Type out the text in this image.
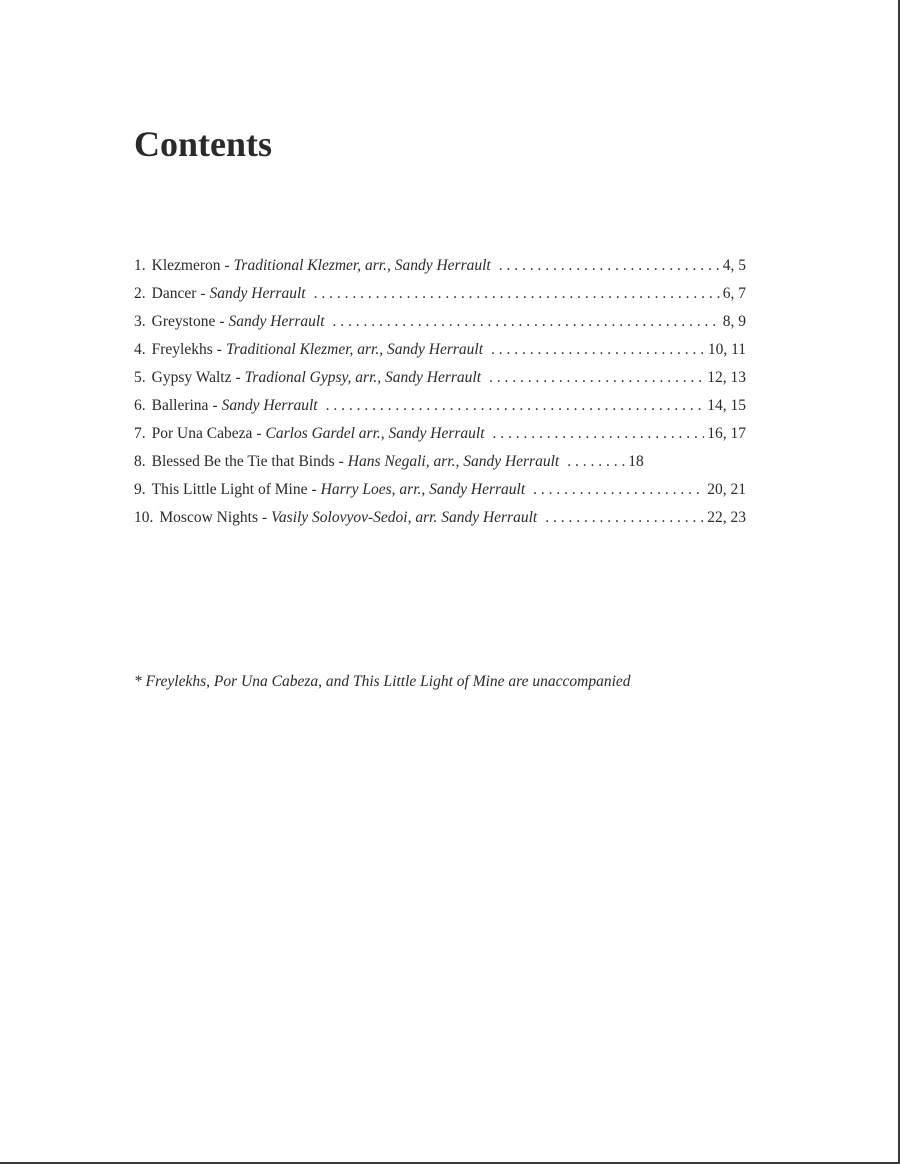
Contents
1. Klezmeron - Traditional Klezmer, arr., Sandy Herrault . . .	4, 5
2. Dancer - Sandy Herrault . . .	6, 7
3. Greystone - Sandy Herrault . . .	8, 9
4. Freylekhs - Traditional Klezmer, arr., Sandy Herrault . . .	10, 11
5. Gypsy Waltz - Tradional Gypsy, arr., Sandy Herrault . . .	12, 13
6. Ballerina - Sandy Herrault . . .	14, 15
7. Por Una Cabeza - Carlos Gardel arr., Sandy Herrault . . .	16, 17
8. Blessed Be the Tie that Binds - Hans Negali, arr., Sandy Herrault . . .	18
9. This Little Light of Mine - Harry Loes, arr., Sandy Herrault . . .	20, 21
10. Moscow Nights - Vasily Solovyov-Sedoi, arr. Sandy Herrault . . .	22, 23

* Freylekhs, Por Una Cabeza, and This Little Light of Mine are unaccompanied
